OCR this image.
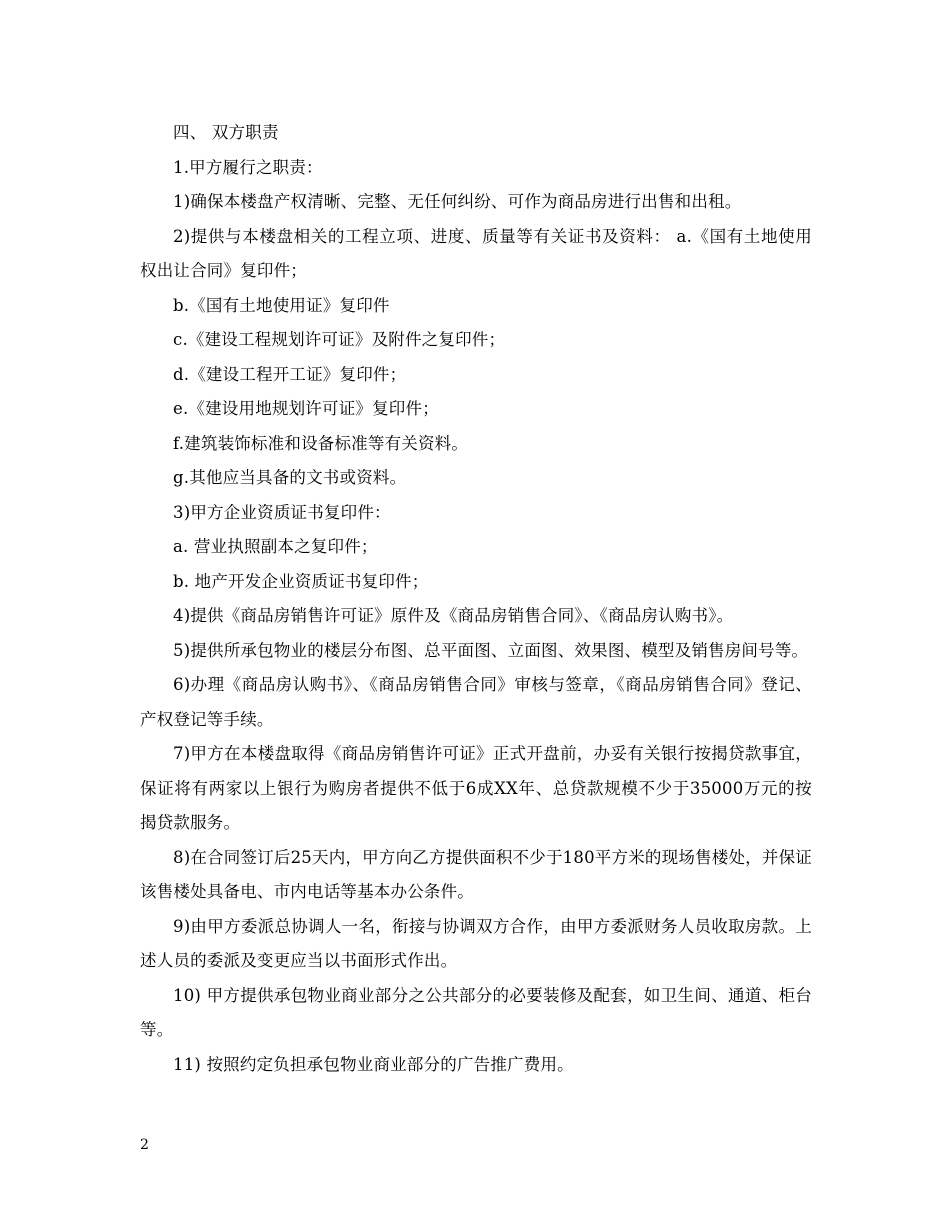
四、 双方职责

1.甲方履行之职责：

1)确保本楼盘产权清晰、完整、无任何纠纷、可作为商品房进行出售和出租。

2)提供与本楼盘相关的工程立项、进度、质量等有关证书及资料： a.《国有土地使用权出让合同》复印件；

b.《国有土地使用证》复印件

c.《建设工程规划许可证》及附件之复印件；

d.《建设工程开工证》复印件；

e.《建设用地规划许可证》复印件；

f.建筑装饰标准和设备标准等有关资料。

g.其他应当具备的文书或资料。

3)甲方企业资质证书复印件：

a. 营业执照副本之复印件；

b. 地产开发企业资质证书复印件；

4)提供《商品房销售许可证》原件及《商品房销售合同》、《商品房认购书》。

5)提供所承包物业的楼层分布图、总平面图、立面图、效果图、模型及销售房间号等。

6)办理《商品房认购书》、《商品房销售合同》审核与签章，《商品房销售合同》登记、产权登记等手续。

7)甲方在本楼盘取得《商品房销售许可证》正式开盘前，办妥有关银行按揭贷款事宜，保证将有两家以上银行为购房者提供不低于6成XX年、总贷款规模不少于35000万元的按揭贷款服务。

8)在合同签订后25天内，甲方向乙方提供面积不少于180平方米的现场售楼处，并保证该售楼处具备电、市内电话等基本办公条件。

9)由甲方委派总协调人一名，衔接与协调双方合作，由甲方委派财务人员收取房款。上述人员的委派及变更应当以书面形式作出。

10) 甲方提供承包物业商业部分之公共部分的必要装修及配套，如卫生间、通道、柜台等。

11) 按照约定负担承包物业商业部分的广告推广费用。

2
